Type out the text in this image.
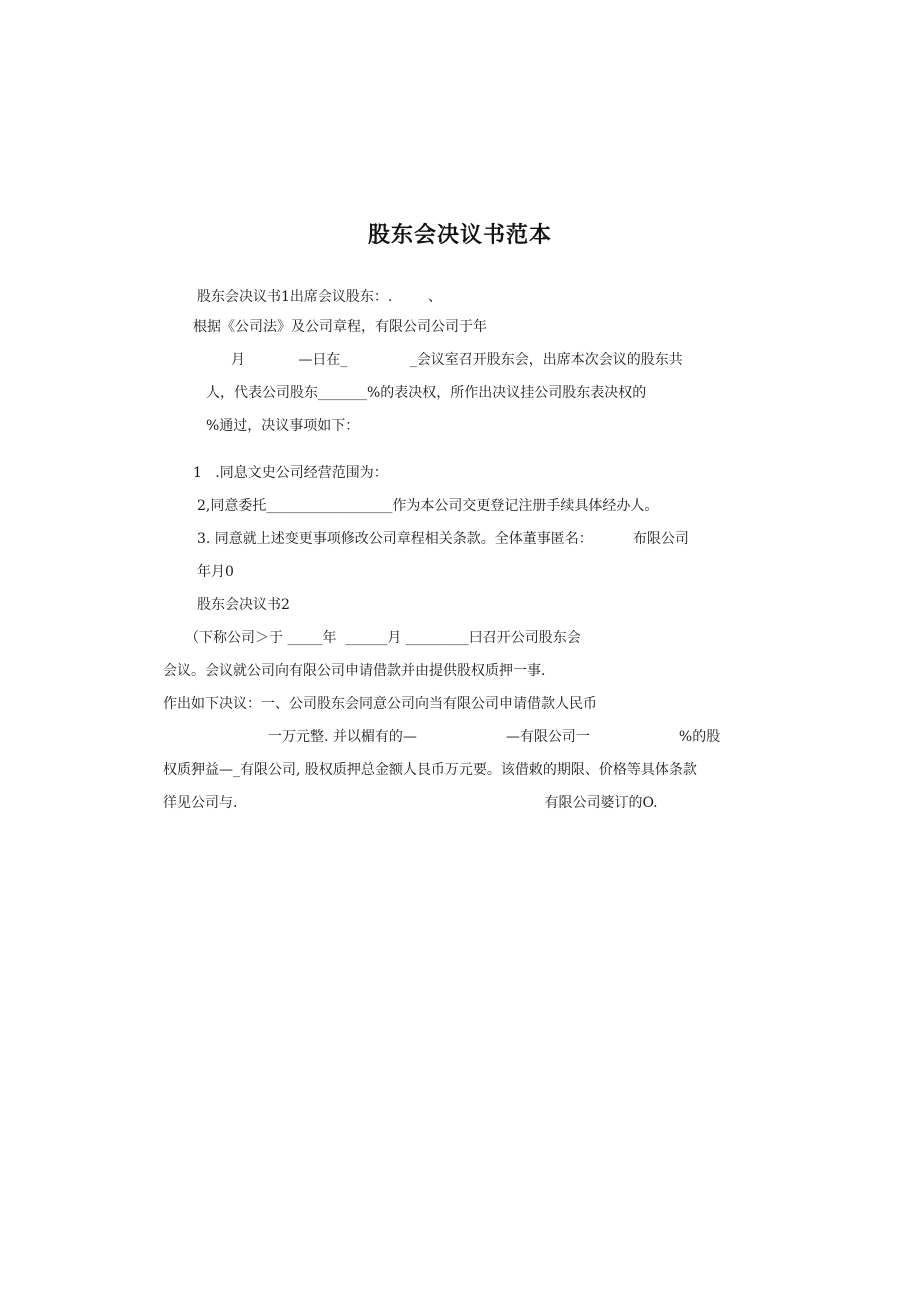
股东会决议书范本
股东会决议书1出席会议股东：.        、
根据《公司法》及公司章程，有限公司公司于年
月            —日在_              _会议室召开股东会，出席本次会议的股东共
人，代表公司股东_______%的表决权，所作出决议挂公司股东表决权的
%通过，决议事项如下：
1   .同息文史公司经营范围为：
2,同意委托__________________作为本公司交更登记注册手续具体经办人。
3. 同意就上述变更事项修改公司章程相关条款。全体董事匿名：         布限公司
年月0
股东会决议书2
（下称公司＞于 _____年  ______月 _________曰召开公司股东会
会议。会议就公司向有限公司申请借款并由提供股权质押一事.
作出如下决议：一、公司股东会同意公司向当有限公司申请借款人民币
一万元整. 并以楣有的—                    —有限公司一                    %的股
权质狎益—_有限公司, 股权质押总金额人艮币万元要。该借敕的期限、价格等具体条款
徉见公司与.                                                                     有限公司婆订的O.
